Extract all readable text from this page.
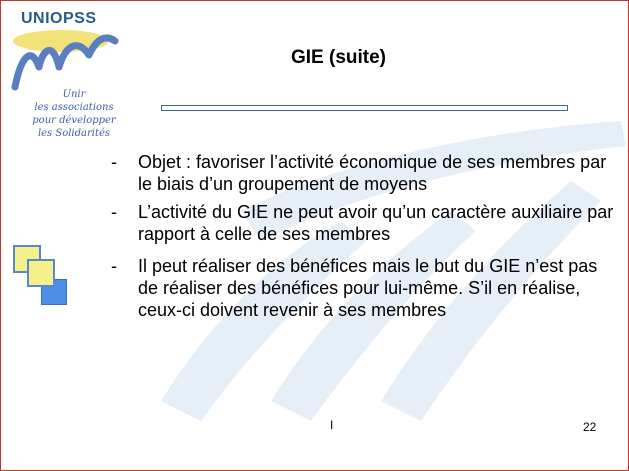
UNIOPSS
Unir
les associations
pour développer
les Solidarités
GIE (suite)
- Objet : favoriser l’activité économique de ses membres par le biais d’un groupement de moyens
- L’activité du GIE ne peut avoir qu’un caractère auxiliaire par rapport à celle de ses membres
- Il peut réaliser des bénéfices mais le but du GIE n’est pas de réaliser des bénéfices pour lui-même. S’il en réalise, ceux-ci doivent revenir à ses membres
I	22
